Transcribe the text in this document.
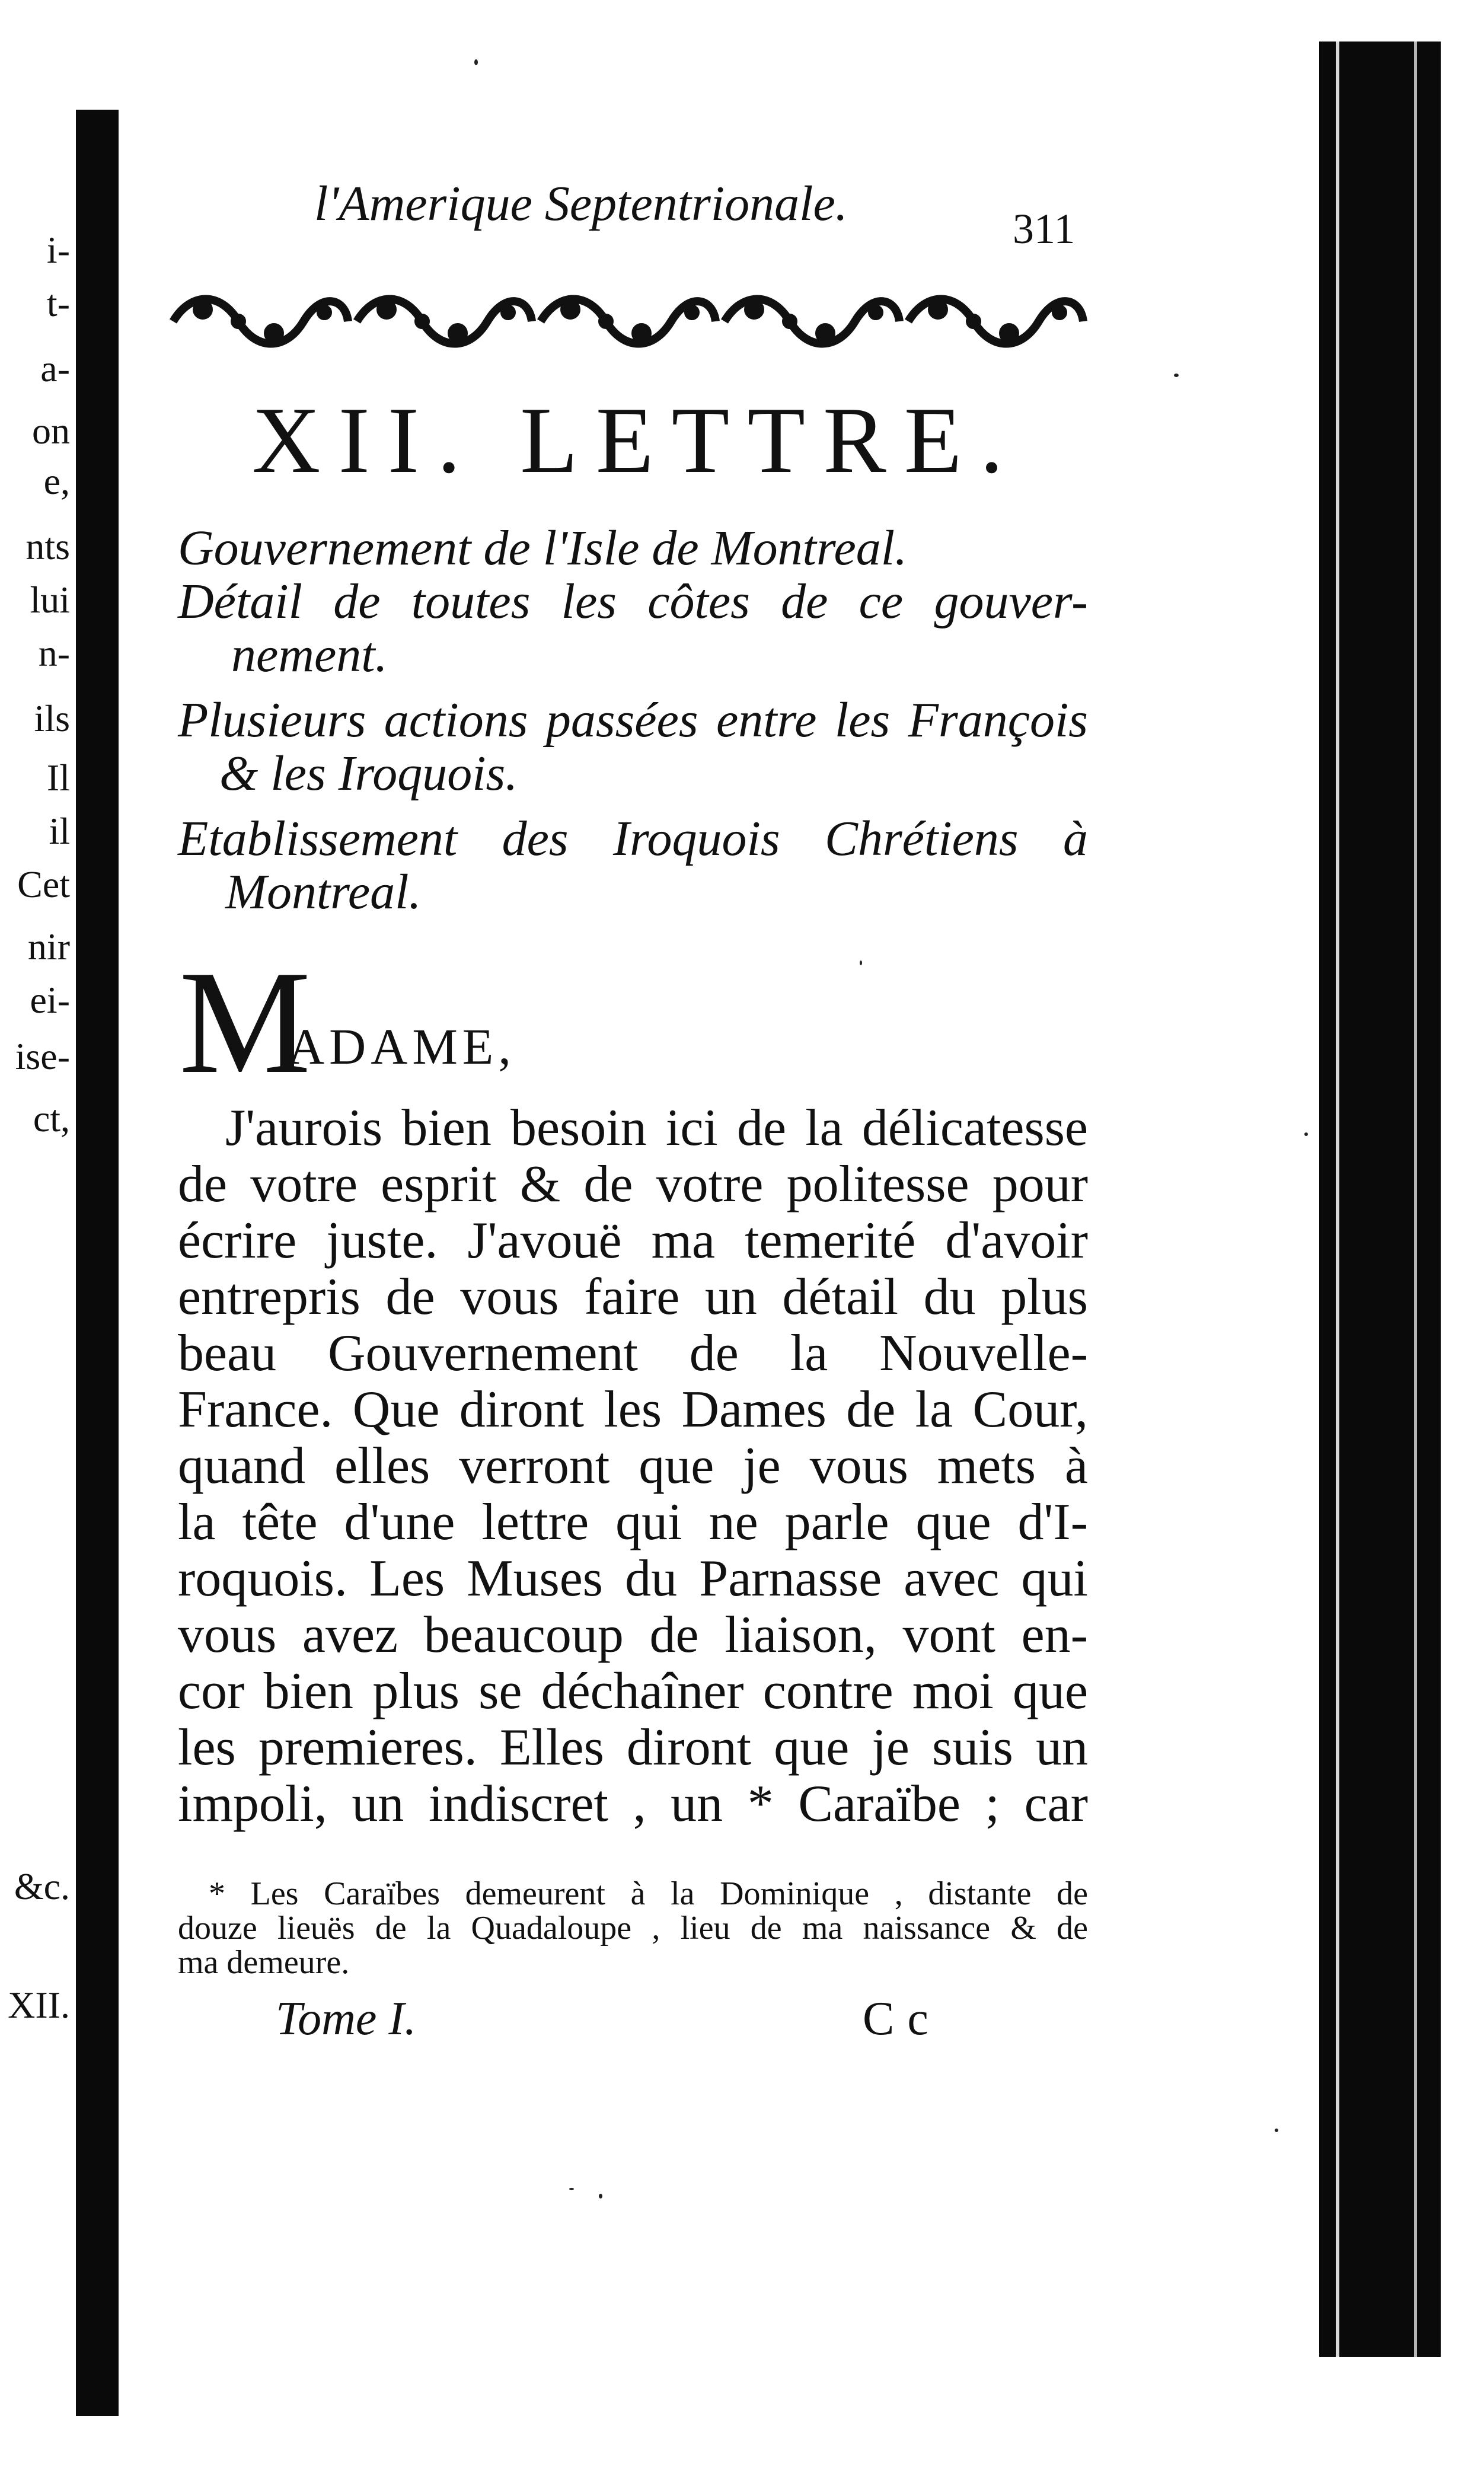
i-
t-
a-
on
e,
nts
lui
n-
ils
Il
il
Cet
nir
ei-
ise-
ct,
&c.
XII.
l'Amerique Septentrionale.	311
XII. LETTRE.
Gouvernement de l'Isle de Montreal.
Détail de toutes les côtes de ce gouver-
nement.
Plusieurs actions passées entre les François
& les Iroquois.
Etablissement des Iroquois Chrétiens à
Montreal.
M
ADAME,
J'aurois bien besoin ici de la délicatesse
de votre esprit & de votre politesse pour
écrire juste. J'avouë ma temerité d'avoir
entrepris de vous faire un détail du plus
beau Gouvernement de la Nouvelle-
France. Que diront les Dames de la Cour,
quand elles verront que je vous mets à
la tête d'une lettre qui ne parle que d'I-
roquois. Les Muses du Parnasse avec qui
vous avez beaucoup de liaison, vont en-
cor bien plus se déchaîner contre moi que
les premieres. Elles diront que je suis un
impoli, un indiscret , un * Caraïbe ; car
* Les Caraïbes demeurent à la Dominique , distante de
douze lieuës de la Quadaloupe , lieu de ma naissance & de
ma demeure.
Tome I.	Cc
